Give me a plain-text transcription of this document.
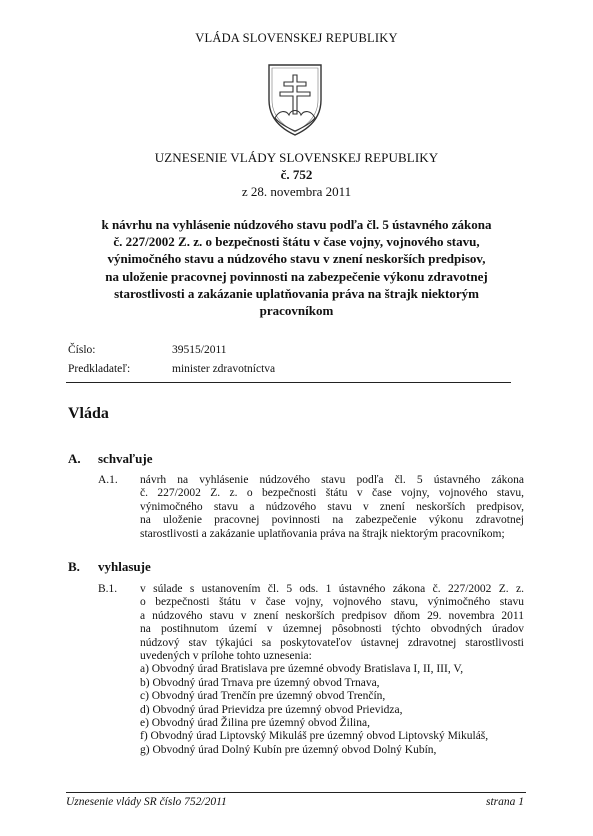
VLÁDA SLOVENSKEJ REPUBLIKY
UZNESENIE VLÁDY SLOVENSKEJ REPUBLIKY
č. 752
z 28. novembra 2011
k návrhu na vyhlásenie núdzového stavu podľa čl. 5 ústavného zákona
č. 227/2002 Z. z. o bezpečnosti štátu v čase vojny, vojnového stavu,
výnimočného stavu a núdzového stavu v znení neskorších predpisov,
na uloženie pracovnej povinnosti na zabezpečenie výkonu zdravotnej
starostlivosti a zakázanie uplatňovania práva na štrajk niektorým
pracovníkom
Číslo:	39515/2011
Predkladateľ:	minister zdravotníctva
Vláda
A. schvaľuje
A.1. návrh na vyhlásenie núdzového stavu podľa čl. 5 ústavného zákona
č. 227/2002 Z. z. o bezpečnosti štátu v čase vojny, vojnového stavu,
výnimočného stavu a núdzového stavu v znení neskorších predpisov,
na uloženie pracovnej povinnosti na zabezpečenie výkonu zdravotnej
starostlivosti a zakázanie uplatňovania práva na štrajk niektorým pracovníkom;
B. vyhlasuje
B.1. v súlade s ustanovením čl. 5 ods. 1 ústavného zákona č. 227/2002 Z. z.
o bezpečnosti štátu v čase vojny, vojnového stavu, výnimočného stavu
a núdzového stavu v znení neskorších predpisov dňom 29. novembra 2011
na postihnutom území v územnej pôsobnosti týchto obvodných úradov
núdzový stav týkajúci sa poskytovateľov ústavnej zdravotnej starostlivosti
uvedených v prílohe tohto uznesenia:
a) Obvodný úrad Bratislava pre územné obvody Bratislava I, II, III, V,
b) Obvodný úrad Trnava pre územný obvod Trnava,
c) Obvodný úrad Trenčín pre územný obvod Trenčín,
d) Obvodný úrad Prievidza pre územný obvod Prievidza,
e) Obvodný úrad Žilina pre územný obvod Žilina,
f) Obvodný úrad Liptovský Mikuláš pre územný obvod Liptovský Mikuláš,
g) Obvodný úrad Dolný Kubín pre územný obvod Dolný Kubín,
Uznesenie vlády SR číslo 752/2011	strana 1
